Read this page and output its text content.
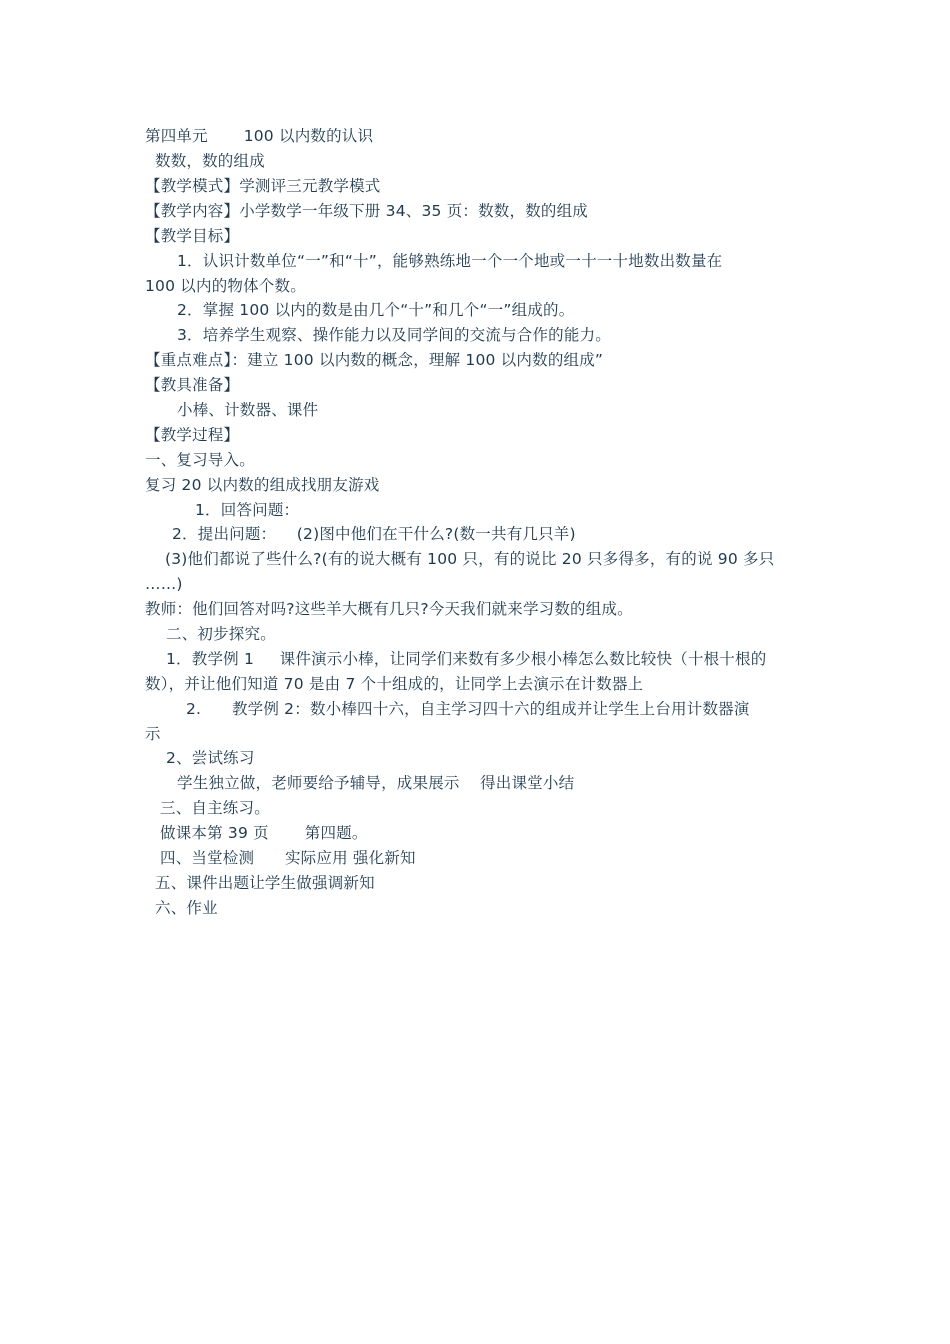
第四单元       100 以内数的认识
数数，数的组成
【教学模式】学测评三元教学模式
【教学内容】小学数学一年级下册 34、35 页：数数，数的组成
【教学目标】
1．认识计数单位“一”和“十”，能够熟练地一个一个地或一十一十地数出数量在
100 以内的物体个数。
2．掌握 100 以内的数是由几个“十”和几个“一”组成的。
3．培养学生观察、操作能力以及同学间的交流与合作的能力。
【重点难点】：建立 100 以内数的概念，理解 100 以内数的组成”
【教具准备】
小棒、计数器、课件
【教学过程】
一、复习导入。
复习 20 以内数的组成找朋友游戏
1．回答问题：
2．提出问题：    (2)图中他们在干什么?(数一共有几只羊)
(3)他们都说了些什么?(有的说大概有 100 只，有的说比 20 只多得多，有的说 90 多只
……)
教师：他们回答对吗?这些羊大概有几只?今天我们就来学习数的组成。
二、初步探究。
1．教学例 1     课件演示小棒，让同学们来数有多少根小棒怎么数比较快（十根十根的
数），并让他们知道 70 是由 7 个十组成的，让同学上去演示在计数器上
2.      教学例 2：数小棒四十六，自主学习四十六的组成并让学生上台用计数器演
示
2、尝试练习
学生独立做，老师要给予辅导，成果展示    得出课堂小结
三、自主练习。
做课本第 39 页       第四题。
四、当堂检测      实际应用 强化新知
五、课件出题让学生做强调新知
六、作业
